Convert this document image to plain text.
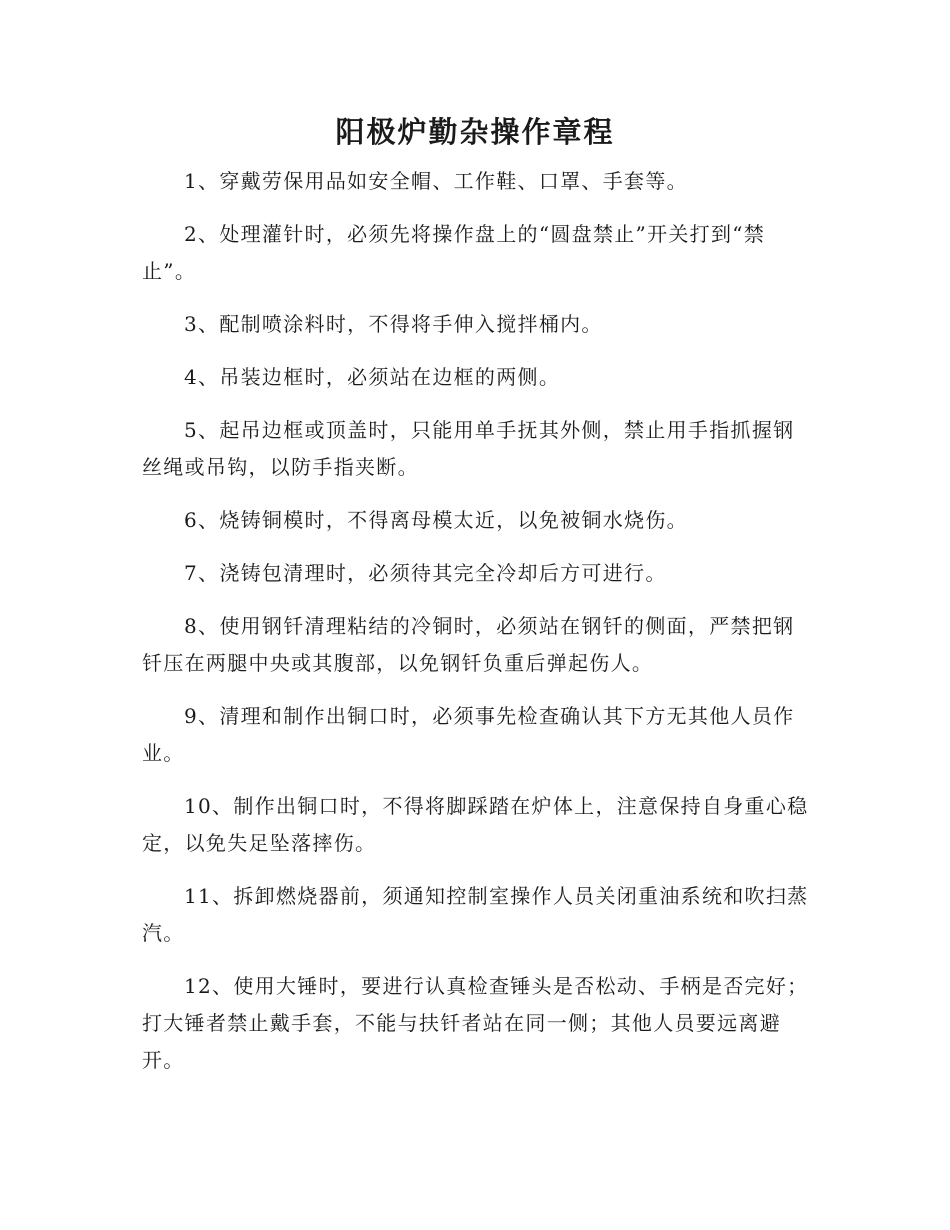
阳极炉勤杂操作章程

1、穿戴劳保用品如安全帽、工作鞋、口罩、手套等。

2、处理灌针时，必须先将操作盘上的“圆盘禁止”开关打到“禁止”。

3、配制喷涂料时，不得将手伸入搅拌桶内。

4、吊装边框时，必须站在边框的两侧。

5、起吊边框或顶盖时，只能用单手抚其外侧，禁止用手指抓握钢丝绳或吊钩，以防手指夹断。

6、烧铸铜模时，不得离母模太近，以免被铜水烧伤。

7、浇铸包清理时，必须待其完全冷却后方可进行。

8、使用钢钎清理粘结的冷铜时，必须站在钢钎的侧面，严禁把钢钎压在两腿中央或其腹部，以免钢钎负重后弹起伤人。

9、清理和制作出铜口时，必须事先检查确认其下方无其他人员作业。

10、制作出铜口时，不得将脚踩踏在炉体上，注意保持自身重心稳定，以免失足坠落摔伤。

11、拆卸燃烧器前，须通知控制室操作人员关闭重油系统和吹扫蒸汽。

12、使用大锤时，要进行认真检查锤头是否松动、手柄是否完好；打大锤者禁止戴手套，不能与扶钎者站在同一侧；其他人员要远离避开。
